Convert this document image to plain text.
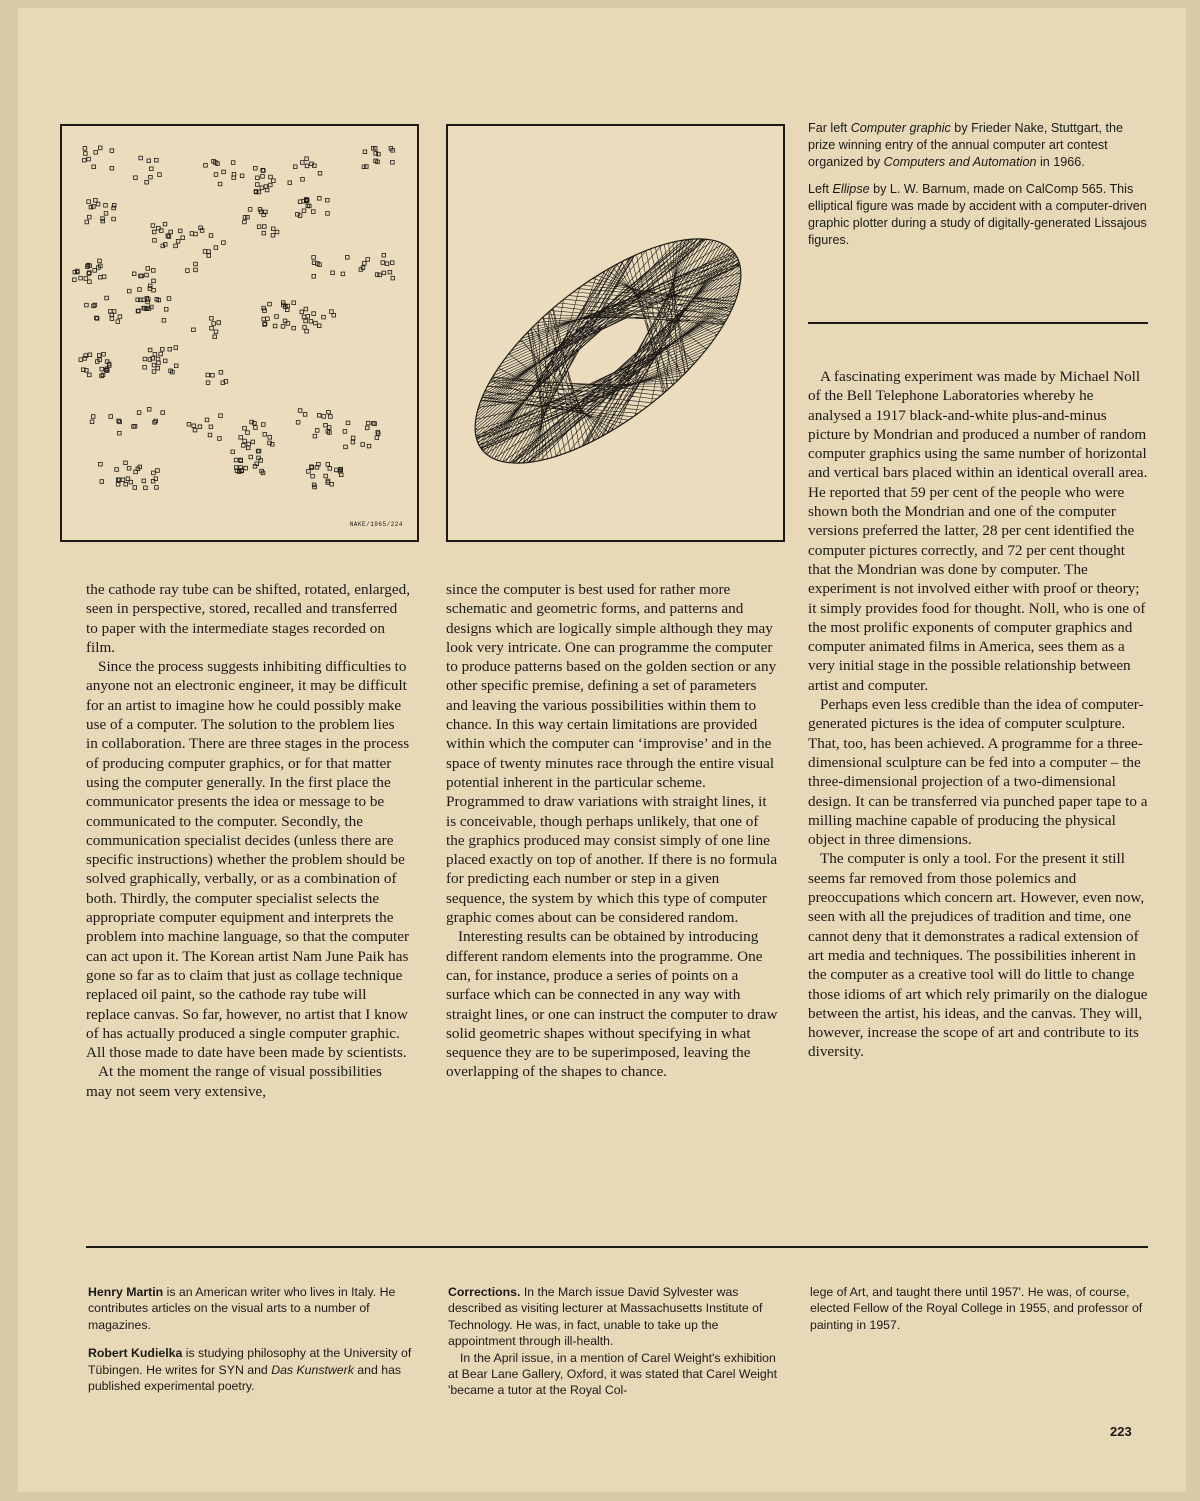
NAKE/1965/224

Far left Computer graphic by Frieder Nake, Stuttgart, the prize winning entry of the annual computer art contest organized by Computers and Automation in 1966.

Left Ellipse by L. W. Barnum, made on CalComp 565. This elliptical figure was made by accident with a computer-driven graphic plotter during a study of digitally-generated Lissajous figures.

the cathode ray tube can be shifted, rotated, enlarged, seen in perspective, stored, recalled and transferred to paper with the intermediate stages recorded on film.

Since the process suggests inhibiting difficulties to anyone not an electronic engineer, it may be difficult for an artist to imagine how he could possibly make use of a computer. The solution to the problem lies in collaboration. There are three stages in the process of producing computer graphics, or for that matter using the computer generally. In the first place the communicator presents the idea or message to be communicated to the computer. Secondly, the communication specialist decides (unless there are specific instructions) whether the problem should be solved graphically, verbally, or as a combination of both. Thirdly, the computer specialist selects the appropriate computer equipment and interprets the problem into machine language, so that the computer can act upon it. The Korean artist Nam June Paik has gone so far as to claim that just as collage technique replaced oil paint, so the cathode ray tube will replace canvas. So far, however, no artist that I know of has actually produced a single computer graphic. All those made to date have been made by scientists.

At the moment the range of visual possibilities may not seem very extensive,

since the computer is best used for rather more schematic and geometric forms, and patterns and designs which are logically simple although they may look very intricate. One can programme the computer to produce patterns based on the golden section or any other specific premise, defining a set of parameters and leaving the various possibilities within them to chance. In this way certain limitations are provided within which the computer can ‘improvise’ and in the space of twenty minutes race through the entire visual potential inherent in the particular scheme. Programmed to draw variations with straight lines, it is conceivable, though perhaps unlikely, that one of the graphics produced may consist simply of one line placed exactly on top of another. If there is no formula for predicting each number or step in a given sequence, the system by which this type of computer graphic comes about can be considered random.

Interesting results can be obtained by introducing different random elements into the programme. One can, for instance, produce a series of points on a surface which can be connected in any way with straight lines, or one can instruct the computer to draw solid geometric shapes without specifying in what sequence they are to be superimposed, leaving the overlapping of the shapes to chance.

A fascinating experiment was made by Michael Noll of the Bell Telephone Laboratories whereby he analysed a 1917 black-and-white plus-and-minus picture by Mondrian and produced a number of random computer graphics using the same number of horizontal and vertical bars placed within an identical overall area. He reported that 59 per cent of the people who were shown both the Mondrian and one of the computer versions preferred the latter, 28 per cent identified the computer pictures correctly, and 72 per cent thought that the Mondrian was done by computer. The experiment is not involved either with proof or theory; it simply provides food for thought. Noll, who is one of the most prolific exponents of computer graphics and computer animated films in America, sees them as a very initial stage in the possible relationship between artist and computer.

Perhaps even less credible than the idea of computer-generated pictures is the idea of computer sculpture. That, too, has been achieved. A programme for a three-dimensional sculpture can be fed into a computer – the three-dimensional projection of a two-dimensional design. It can be transferred via punched paper tape to a milling machine capable of producing the physical object in three dimensions.

The computer is only a tool. For the present it still seems far removed from those polemics and preoccupations which concern art. However, even now, seen with all the prejudices of tradition and time, one cannot deny that it demonstrates a radical extension of art media and techniques. The possibilities inherent in the computer as a creative tool will do little to change those idioms of art which rely primarily on the dialogue between the artist, his ideas, and the canvas. They will, however, increase the scope of art and contribute to its diversity.

Henry Martin is an American writer who lives in Italy. He contributes articles on the visual arts to a number of magazines.

Robert Kudielka is studying philosophy at the University of Tübingen. He writes for SYN and Das Kunstwerk and has published experimental poetry.

Corrections. In the March issue David Sylvester was described as visiting lecturer at Massachusetts Institute of Technology. He was, in fact, unable to take up the appointment through ill-health.

In the April issue, in a mention of Carel Weight's exhibition at Bear Lane Gallery, Oxford, it was stated that Carel Weight 'became a tutor at the Royal Col-

lege of Art, and taught there until 1957'. He was, of course, elected Fellow of the Royal College in 1955, and professor of painting in 1957.

223
